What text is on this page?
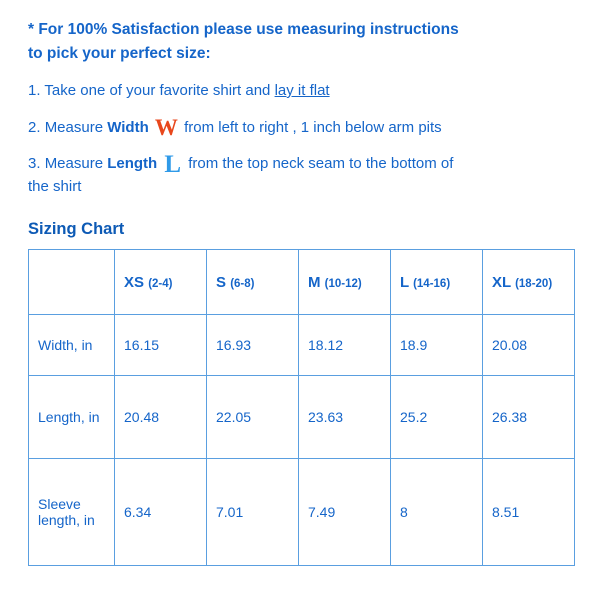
* For 100% Satisfaction please use measuring instructions
to pick your perfect size:

1. Take one of your favorite shirt and lay it flat

2. Measure Width W from left to right , 1 inch below arm pits

3. Measure Length L from the top neck seam to the bottom of
the shirt

Sizing Chart
	XS (2-4)	S (6-8)	M (10-12)	L (14-16)	XL (18-20)
Width, in	16.15	16.93	18.12	18.9	20.08
Length, in	20.48	22.05	23.63	25.2	26.38
Sleeve length, in	6.34	7.01	7.49	8	8.51
